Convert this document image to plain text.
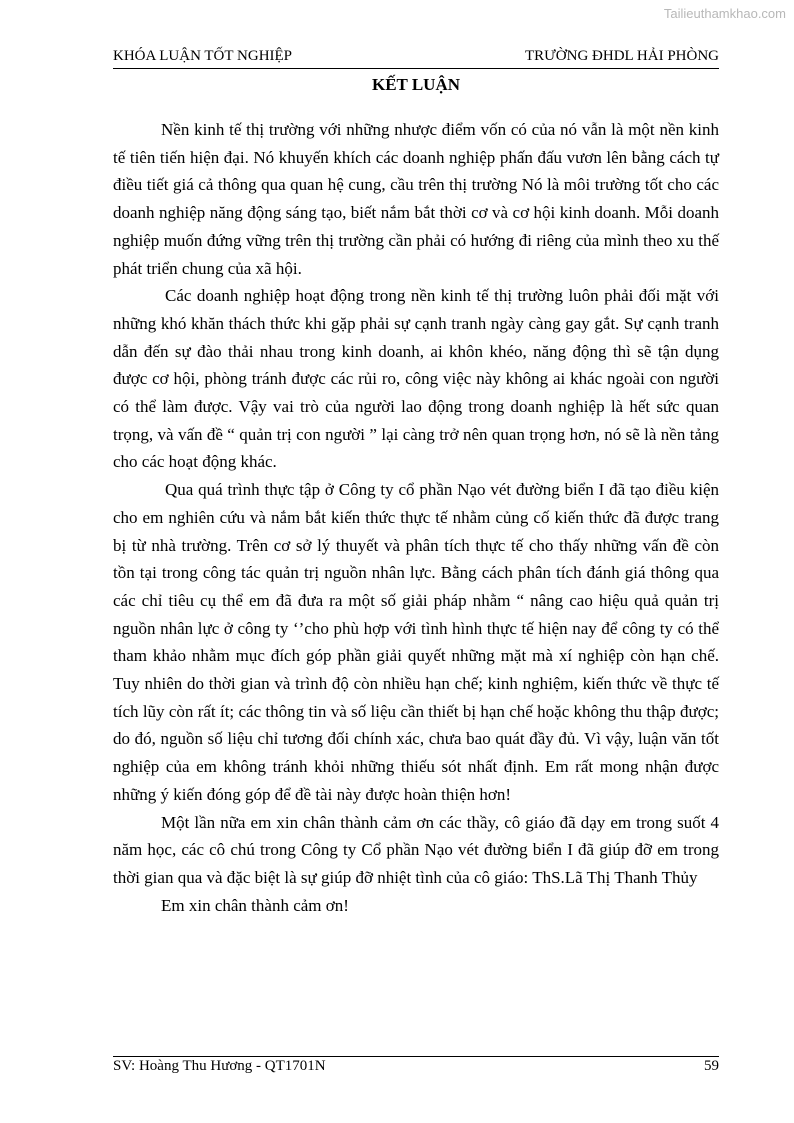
Tailieuthamkhao.com
KHÓA LUẬN TỐT NGHIỆP	TRƯỜNG ĐHDL HẢI PHÒNG
KẾT LUẬN

Nền kinh tế thị trường với những nhược điểm vốn có của nó vẫn là một nền kinh tế tiên tiến hiện đại. Nó khuyến khích các doanh nghiệp phấn đấu vươn lên bằng cách tự điều tiết giá cả thông qua quan hệ cung, cầu trên thị trường Nó là môi trường tốt cho các doanh nghiệp năng động sáng tạo, biết nắm bắt thời cơ và cơ hội kinh doanh. Mỗi doanh nghiệp muốn đứng vững trên thị trường cần phải có hướng đi riêng của mình theo xu thế phát triển chung của xã hội.

Các doanh nghiệp hoạt động trong nền kinh tế thị trường luôn phải đối mặt với những khó khăn thách thức khi gặp phải sự cạnh tranh ngày càng gay gắt. Sự cạnh tranh dẫn đến sự đào thải nhau trong kinh doanh, ai khôn khéo, năng động thì sẽ tận dụng được cơ hội, phòng tránh được các rủi ro, công việc này không ai khác ngoài con người có thể làm được. Vậy vai trò của người lao động trong doanh nghiệp là hết sức quan trọng, và vấn đề “ quản trị con người ” lại càng trở nên quan trọng hơn, nó sẽ là nền tảng cho các hoạt động khác.

Qua quá trình thực tập ở Công ty cổ phần Nạo vét đường biển I đã tạo điều kiện cho em nghiên cứu và nắm bắt kiến thức thực tế nhằm củng cố kiến thức đã được trang bị từ nhà trường. Trên cơ sở lý thuyết và phân tích thực tế cho thấy những vấn đề còn tồn tại trong công tác quản trị nguồn nhân lực. Bằng cách phân tích đánh giá thông qua các chỉ tiêu cụ thể em đã đưa ra một số giải pháp nhằm “ nâng cao hiệu quả quản trị nguồn nhân lực ở công ty ‘’cho phù hợp với tình hình thực tế hiện nay để công ty có thể tham khảo nhằm mục đích góp phần giải quyết những mặt mà xí nghiệp còn hạn chế. Tuy nhiên do thời gian và trình độ còn nhiều hạn chế; kinh nghiệm, kiến thức về thực tế tích lũy còn rất ít; các thông tin và số liệu cần thiết bị hạn chế hoặc không thu thập được; do đó, nguồn số liệu chỉ tương đối chính xác, chưa bao quát đầy đủ. Vì vậy, luận văn tốt nghiệp của em không tránh khỏi những thiếu sót nhất định. Em rất mong nhận được những ý kiến đóng góp để đề tài này được hoàn thiện hơn!

Một lần nữa em xin chân thành cảm ơn các thầy, cô giáo đã dạy em trong suốt 4 năm học, các cô chú trong Công ty Cổ phần Nạo vét đường biển I đã giúp đỡ em trong thời gian qua và đặc biệt là sự giúp đỡ nhiệt tình của cô giáo: ThS.Lã Thị Thanh Thủy

Em xin chân thành cảm ơn!

SV: Hoàng Thu Hương - QT1701N	59
